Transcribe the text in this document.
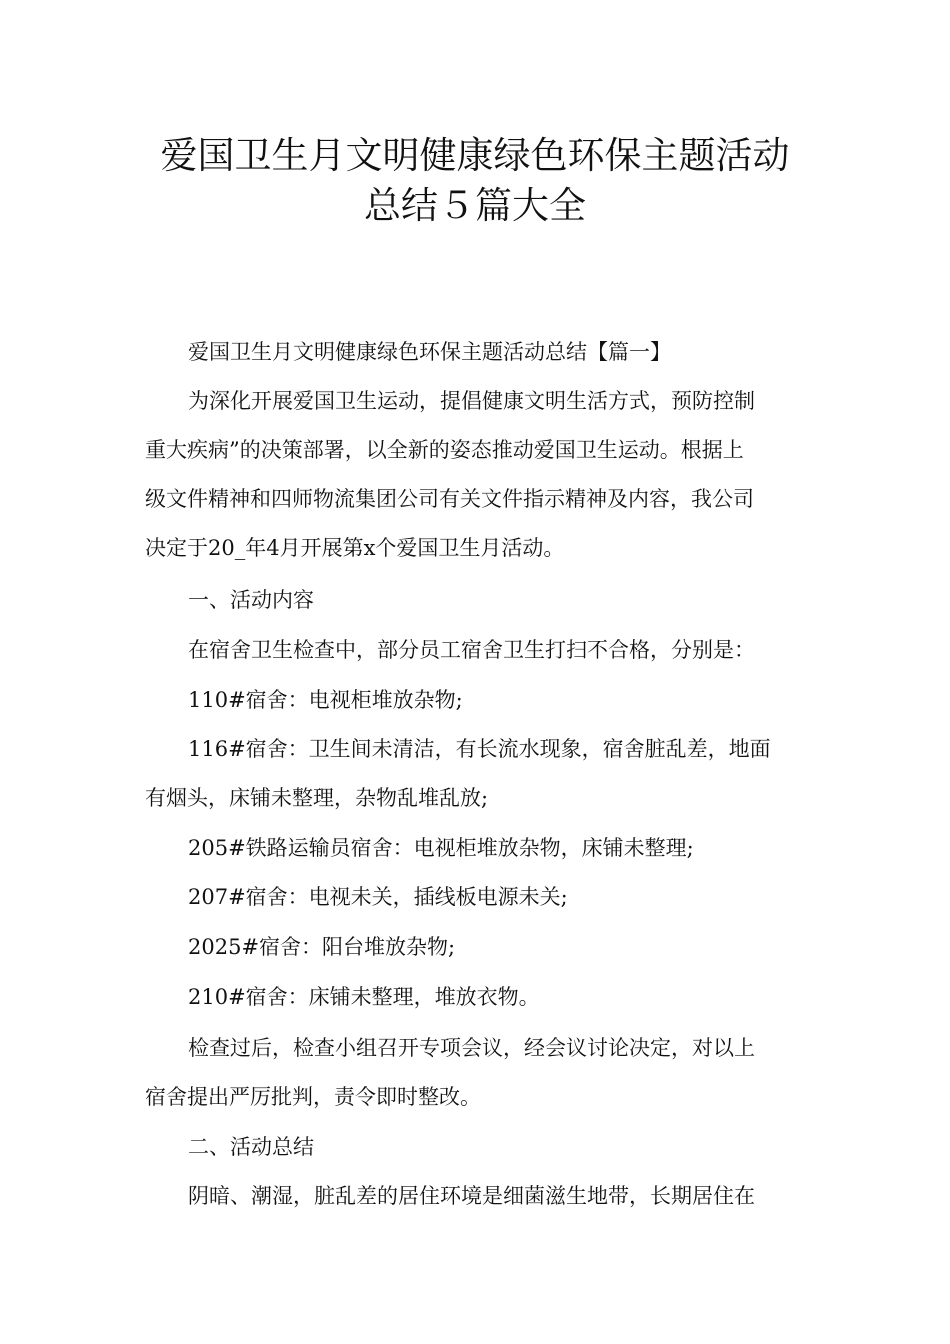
爱国卫生月文明健康绿色环保主题活动
总结５篇大全
爱国卫生月文明健康绿色环保主题活动总结【篇一】
为深化开展爱国卫生运动，提倡健康文明生活方式，预防控制
重大疾病”的决策部署，以全新的姿态推动爱国卫生运动。根据上
级文件精神和四师物流集团公司有关文件指示精神及内容，我公司
决定于20_年4月开展第x个爱国卫生月活动。
一、活动内容
在宿舍卫生检查中，部分员工宿舍卫生打扫不合格，分别是：
110#宿舍：电视柜堆放杂物;
116#宿舍：卫生间未清洁，有长流水现象，宿舍脏乱差，地面
有烟头，床铺未整理，杂物乱堆乱放;
205#铁路运输员宿舍：电视柜堆放杂物，床铺未整理;
207#宿舍：电视未关，插线板电源未关;
2025#宿舍：阳台堆放杂物;
210#宿舍：床铺未整理，堆放衣物。
检查过后，检查小组召开专项会议，经会议讨论决定，对以上
宿舍提出严厉批判，责令即时整改。
二、活动总结
阴暗、潮湿，脏乱差的居住环境是细菌滋生地带，长期居住在
